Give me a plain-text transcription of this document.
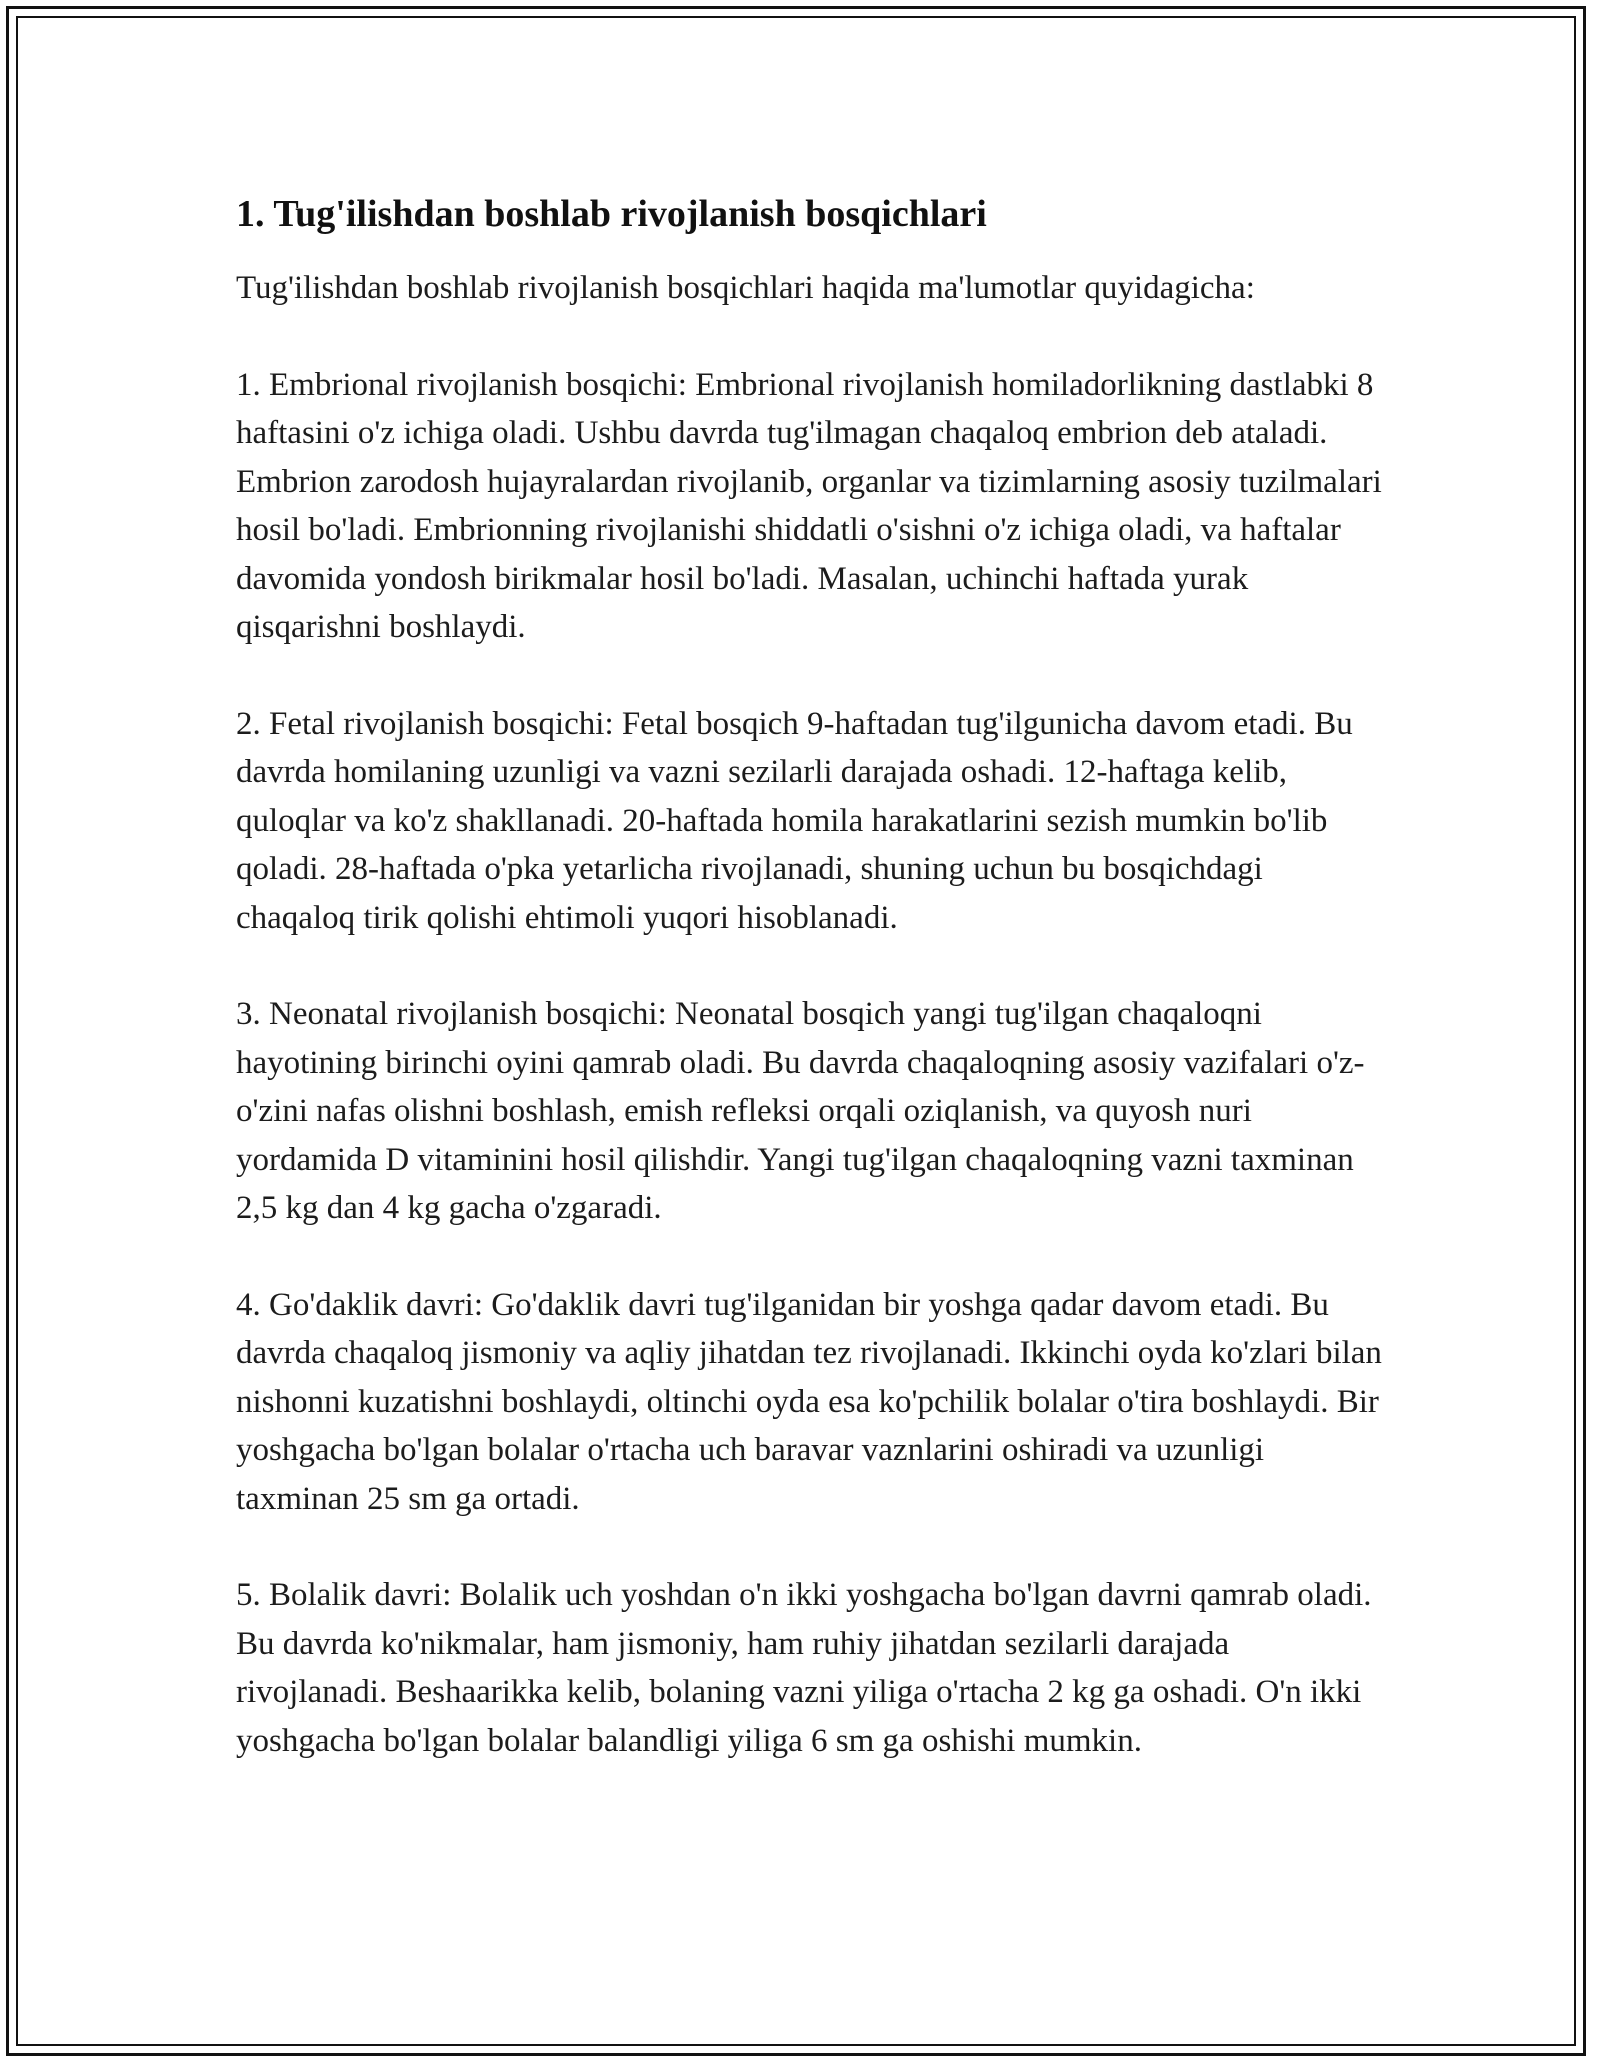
1. Tug'ilishdan boshlab rivojlanish bosqichlari

Tug'ilishdan boshlab rivojlanish bosqichlari haqida ma'lumotlar quyidagicha:

1. Embrional rivojlanish bosqichi: Embrional rivojlanish homiladorlikning dastlabki 8 haftasini o'z ichiga oladi. Ushbu davrda tug'ilmagan chaqaloq embrion deb ataladi. Embrion zarodosh hujayralardan rivojlanib, organlar va tizimlarning asosiy tuzilmalari hosil bo'ladi. Embrionning rivojlanishi shiddatli o'sishni o'z ichiga oladi, va haftalar davomida yondosh birikmalar hosil bo'ladi. Masalan, uchinchi haftada yurak qisqarishni boshlaydi.

2. Fetal rivojlanish bosqichi: Fetal bosqich 9-haftadan tug'ilgunicha davom etadi. Bu davrda homilaning uzunligi va vazni sezilarli darajada oshadi. 12-haftaga kelib, quloqlar va ko'z shakllanadi. 20-haftada homila harakatlarini sezish mumkin bo'lib qoladi. 28-haftada o'pka yetarlicha rivojlanadi, shuning uchun bu bosqichdagi chaqaloq tirik qolishi ehtimoli yuqori hisoblanadi.

3. Neonatal rivojlanish bosqichi: Neonatal bosqich yangi tug'ilgan chaqaloqni hayotining birinchi oyini qamrab oladi. Bu davrda chaqaloqning asosiy vazifalari o'z-o'zini nafas olishni boshlash, emish refleksi orqali oziqlanish, va quyosh nuri yordamida D vitaminini hosil qilishdir. Yangi tug'ilgan chaqaloqning vazni taxminan 2,5 kg dan 4 kg gacha o'zgaradi.

4. Go'daklik davri: Go'daklik davri tug'ilganidan bir yoshga qadar davom etadi. Bu davrda chaqaloq jismoniy va aqliy jihatdan tez rivojlanadi. Ikkinchi oyda ko'zlari bilan nishonni kuzatishni boshlaydi, oltinchi oyda esa ko'pchilik bolalar o'tira boshlaydi. Bir yoshgacha bo'lgan bolalar o'rtacha uch baravar vaznlarini oshiradi va uzunligi taxminan 25 sm ga ortadi.

5. Bolalik davri: Bolalik uch yoshdan o'n ikki yoshgacha bo'lgan davrni qamrab oladi. Bu davrda ko'nikmalar, ham jismoniy, ham ruhiy jihatdan sezilarli darajada rivojlanadi. Beshaarikka kelib, bolaning vazni yiliga o'rtacha 2 kg ga oshadi. O'n ikki yoshgacha bo'lgan bolalar balandligi yiliga 6 sm ga oshishi mumkin.
